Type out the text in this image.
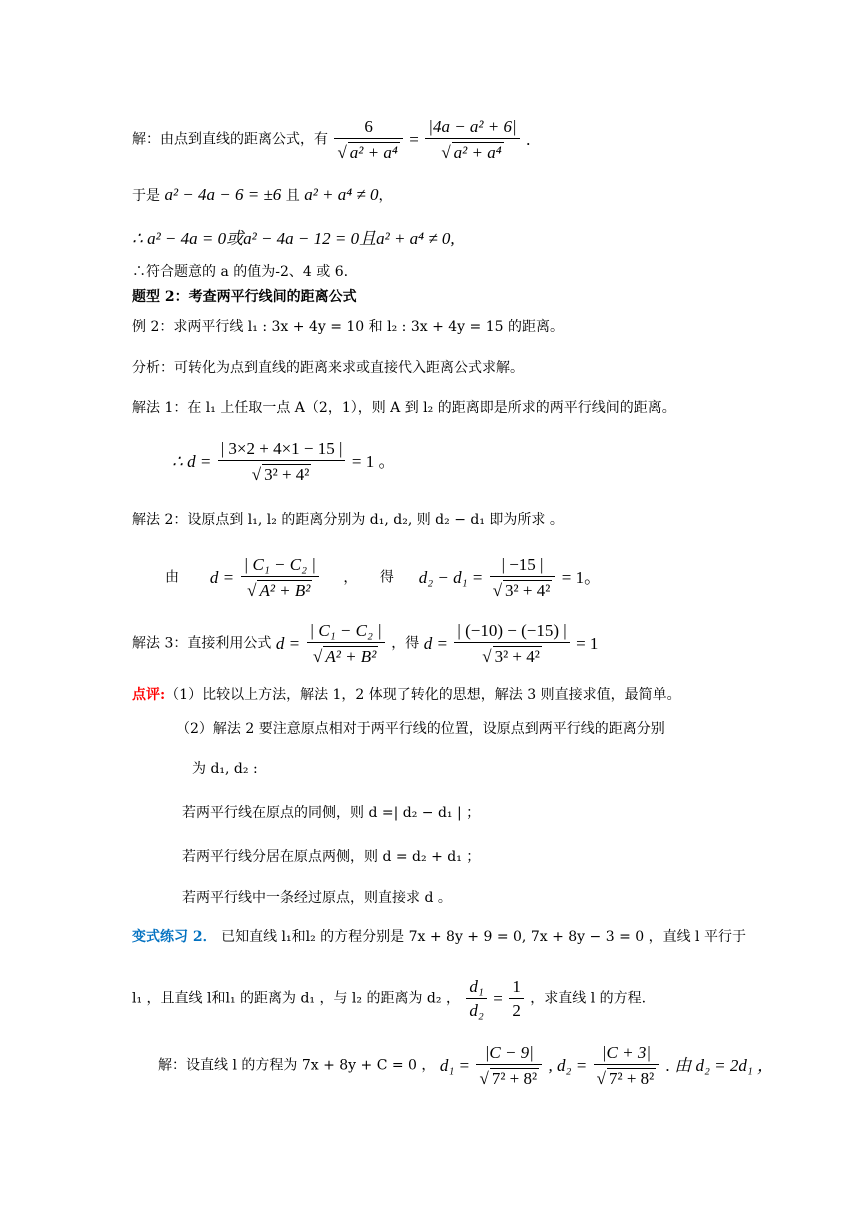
解：由点到直线的距离公式，有 $\frac{6}{\text{√ a² + a⁴}} = \frac{\text{|4a − a² + 6|}}{\text{√ a² + a⁴}}$ .
于是 a² − 4a − 6 = ±6 且 a² + a⁴ ≠ 0，
∴ a² − 4a = 0或a² − 4a − 12 = 0且a² + a⁴ ≠ 0,
∴符合题意的 a 的值为-2、4 或 6.
题型 2：考查两平行线间的距离公式
例 2：求两平行线 l₁ : 3x + 4y = 10 和 l₂ : 3x + 4y = 15 的距离。
分析：可转化为点到直线的距离来求或直接代入距离公式求解。
解法 1：在 l₁ 上任取一点 A（2，1），则 A 到 l₂ 的距离即是所求的两平行线间的距离。
∴ $d = \frac{| 3\times 2 + 4\times 1 - 15 |}{\text{√ 3² + 4²}} = 1$ 。
解法 2：设原点到 l₁, l₂ 的距离分别为 d₁, d₂, 则 d₂ − d₁ 即为所求 。
由 $d = \frac{\text{| C₁ − C₂ |}}{\text{√ A² + B²}}$ ， 得 $d_2 - d_1 = \frac{| -15 |}{\text{√ 3² + 4²}} = 1$。
解法 3：直接利用公式 $d = \frac{\text{| C₁ − C₂ |}}{\text{√ A² + B²}}$ ，得 $d = \frac{| (-10) - (-15) |}{\text{√ 3² + 4²}} = 1$
点评:（1）比较以上方法，解法 1，2 体现了转化的思想，解法 3 则直接求值，最简单。
（2）解法 2 要注意原点相对于两平行线的位置，设原点到两平行线的距离分别
为 d₁, d₂ :
若两平行线在原点的同侧，则 d =| d₂ − d₁ | ；
若两平行线分居在原点两侧，则 d = d₂ + d₁ ；
若两平行线中一条经过原点，则直接求 d 。
变式练习 2． 已知直线 l₁和l₂ 的方程分别是 7x + 8y + 9 = 0, 7x + 8y − 3 = 0 ，直线 l 平行于
l₁ ，且直线 l和l₁ 的距离为 d₁ ，与 l₂ 的距离为 d₂ ， $\frac{\text{d₁}}{\text{d₂}} = \frac{1}{2}$ ，求直线 l 的方程.
解：设直线 l 的方程为 7x + 8y + C = 0 ， $d_1 = \frac{|C - 9|}{\text{√ 7² + 8²}}$ , $d_2 = \frac{|C + 3|}{\text{√ 7² + 8²}}$ . 由 d₂ = 2d₁ ，
